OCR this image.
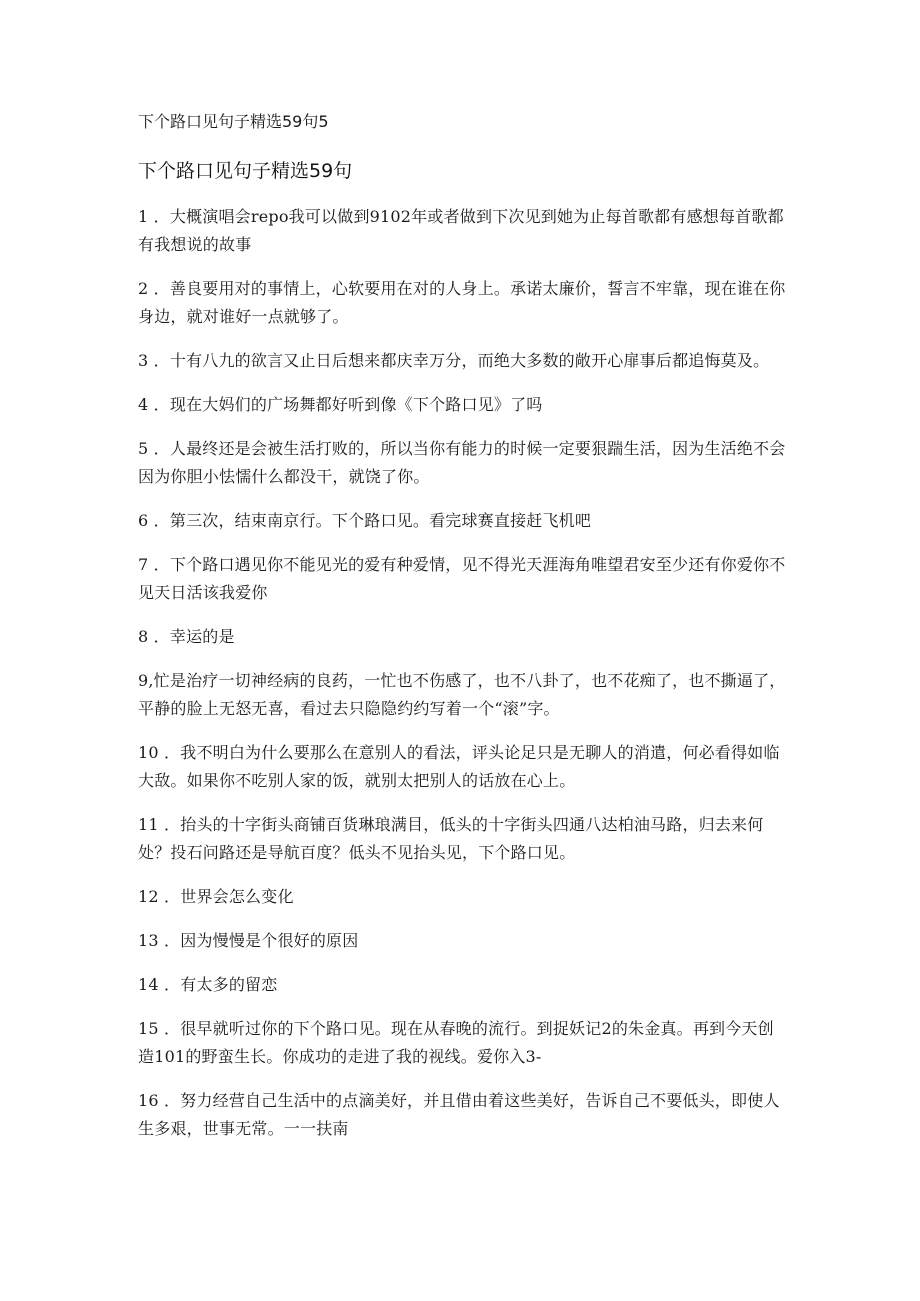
下个路口见句子精选59句5
下个路口见句子精选59句

1 ．大概演唱会repo我可以做到9102年或者做到下次见到她为止每首歌都有感想每首歌都有我想说的故事

2 ．善良要用对的事情上，心软要用在对的人身上。承诺太廉价，誓言不牢靠，现在谁在你身边，就对谁好一点就够了。

3 ．十有八九的欲言又止日后想来都庆幸万分，而绝大多数的敞开心扉事后都追悔莫及。

4 ．现在大妈们的广场舞都好听到像《下个路口见》了吗

5 ．人最终还是会被生活打败的，所以当你有能力的时候一定要狠踹生活，因为生活绝不会因为你胆小怯懦什么都没干，就饶了你。

6 ．第三次，结束南京行。下个路口见。看完球赛直接赶飞机吧

7 ．下个路口遇见你不能见光的爱有种爱情，见不得光天涯海角唯望君安至少还有你爱你不见天日活该我爱你

8 ．幸运的是

9,忙是治疗一切神经病的良药，一忙也不伤感了，也不八卦了，也不花痴了，也不撕逼了，平静的脸上无怒无喜，看过去只隐隐约约写着一个“滚”字。

10 ．我不明白为什么要那么在意别人的看法，评头论足只是无聊人的消遣，何必看得如临大敌。如果你不吃别人家的饭，就别太把别人的话放在心上。

11 ．抬头的十字街头商铺百货琳琅满目，低头的十字街头四通八达柏油马路，归去来何处？投石问路还是导航百度？低头不见抬头见，下个路口见。

12 ．世界会怎么变化

13 ．因为慢慢是个很好的原因

14 ．有太多的留恋

15 ．很早就听过你的下个路口见。现在从春晚的流行。到捉妖记2的朱金真。再到今天创造101的野蛮生长。你成功的走进了我的视线。爱你入3-

16 ．努力经营自己生活中的点滴美好，并且借由着这些美好，告诉自己不要低头，即使人生多艰，世事无常。一一扶南
